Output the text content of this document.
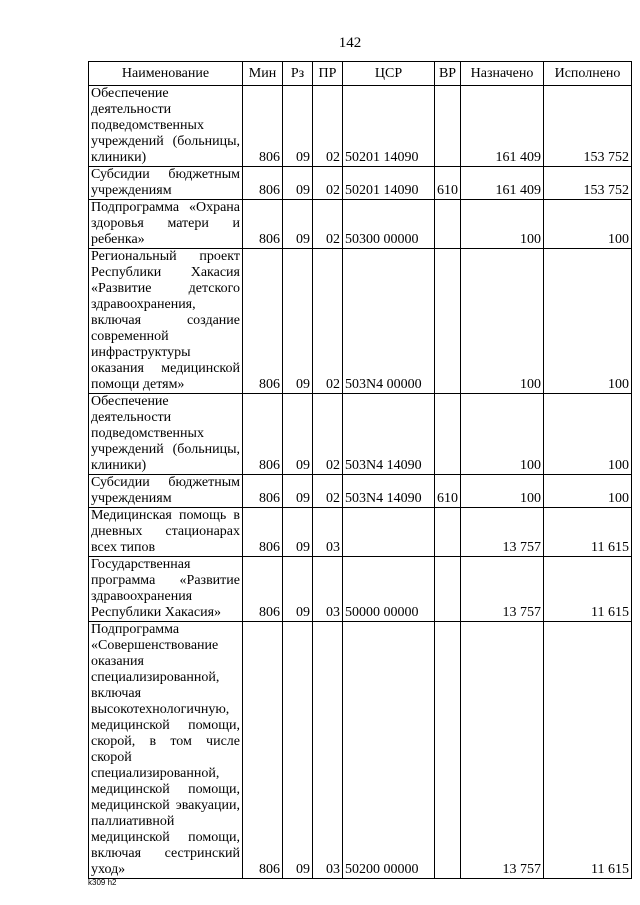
142
Наименование	Мин	Рз	ПР	ЦСР	ВР	Назначено	Исполнено
Обеспечение деятельности подведомственных учреждений (больницы, клиники)	806	09	02	50201 14090		161 409	153 752
Субсидии бюджетным учреждениям	806	09	02	50201 14090	610	161 409	153 752
Подпрограмма «Охрана здоровья матери и ребенка»	806	09	02	50300 00000		100	100
Региональный проект Республики Хакасия «Развитие детского здравоохранения, включая создание современной инфраструктуры оказания медицинской помощи детям»	806	09	02	503N4 00000		100	100
Обеспечение деятельности подведомственных учреждений (больницы, клиники)	806	09	02	503N4 14090		100	100
Субсидии бюджетным учреждениям	806	09	02	503N4 14090	610	100	100
Медицинская помощь в дневных стационарах всех типов	806	09	03			13 757	11 615
Государственная программа «Развитие здравоохранения Республики Хакасия»	806	09	03	50000 00000		13 757	11 615
Подпрограмма «Совершенствование оказания специализированной, включая высокотехнологичную, медицинской помощи, скорой, в том числе скорой специализированной, медицинской помощи, медицинской эвакуации, паллиативной медицинской помощи, включая сестринский уход»	806	09	03	50200 00000		13 757	11 615
k309 h2
